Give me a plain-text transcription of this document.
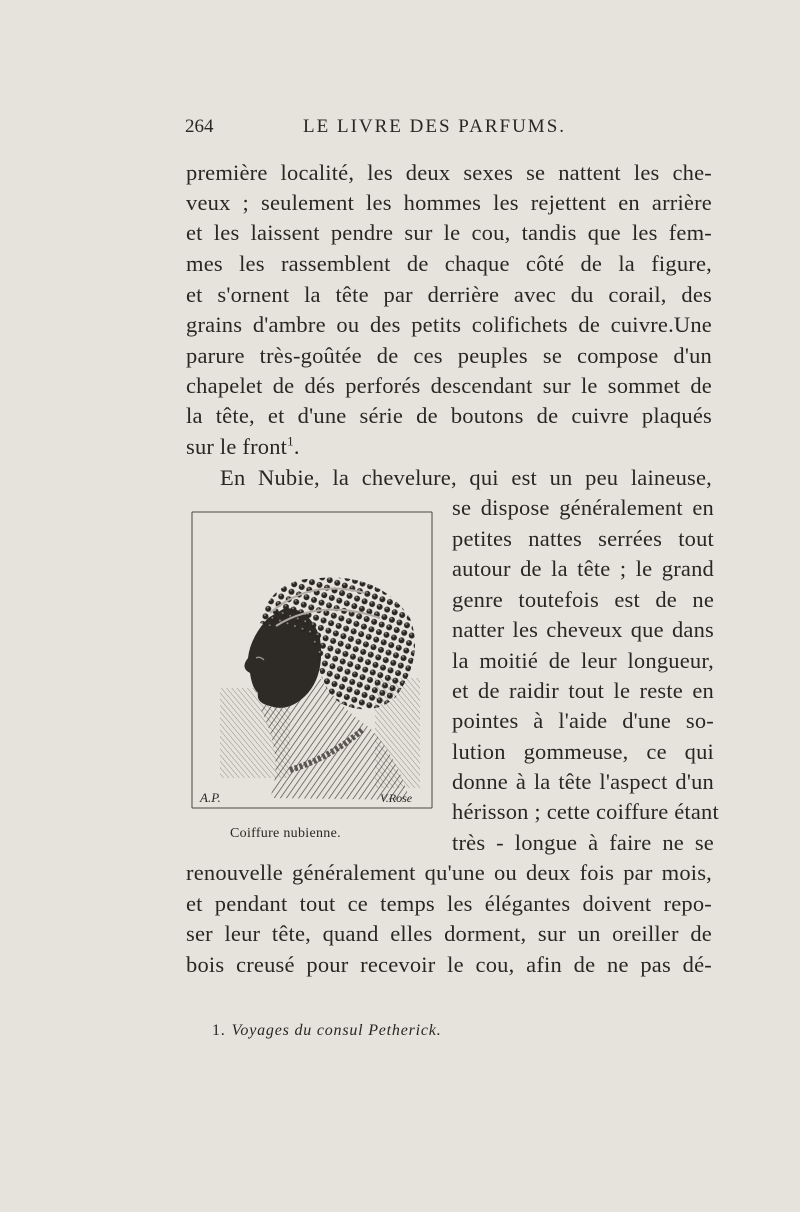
264	LE LIVRE DES PARFUMS.
première localité, les deux sexes se nattent les che-
veux ; seulement les hommes les rejettent en arrière
et les laissent pendre sur le cou, tandis que les fem-
mes les rassemblent de chaque côté de la figure,
et s'ornent la tête par derrière avec du corail, des
grains d'ambre ou des petits colifichets de cuivre.Une
parure très-goûtée de ces peuples se compose d'un
chapelet de dés perforés descendant sur le sommet de
la tête, et d'une série de boutons de cuivre plaqués
sur le front$^1$.
En Nubie, la chevelure, qui est un peu laineuse,
se dispose généralement en
petites nattes serrées tout
autour de la tête ; le grand
genre toutefois est de ne
natter les cheveux que dans
la moitié de leur longueur,
et de raidir tout le reste en
pointes à l'aide d'une so-
lution gommeuse, ce qui
donne à la tête l'aspect d'un
hérisson ; cette coiffure étant
très - longue à faire ne se
renouvelle généralement qu'une ou deux fois par mois,
et pendant tout ce temps les élégantes doivent repo-
ser leur tête, quand elles dorment, sur un oreiller de
bois creusé pour recevoir le cou, afin de ne pas dé-
A.P.	V.Rose
Coiffure nubienne.
1. Voyages du consul Petherick.
